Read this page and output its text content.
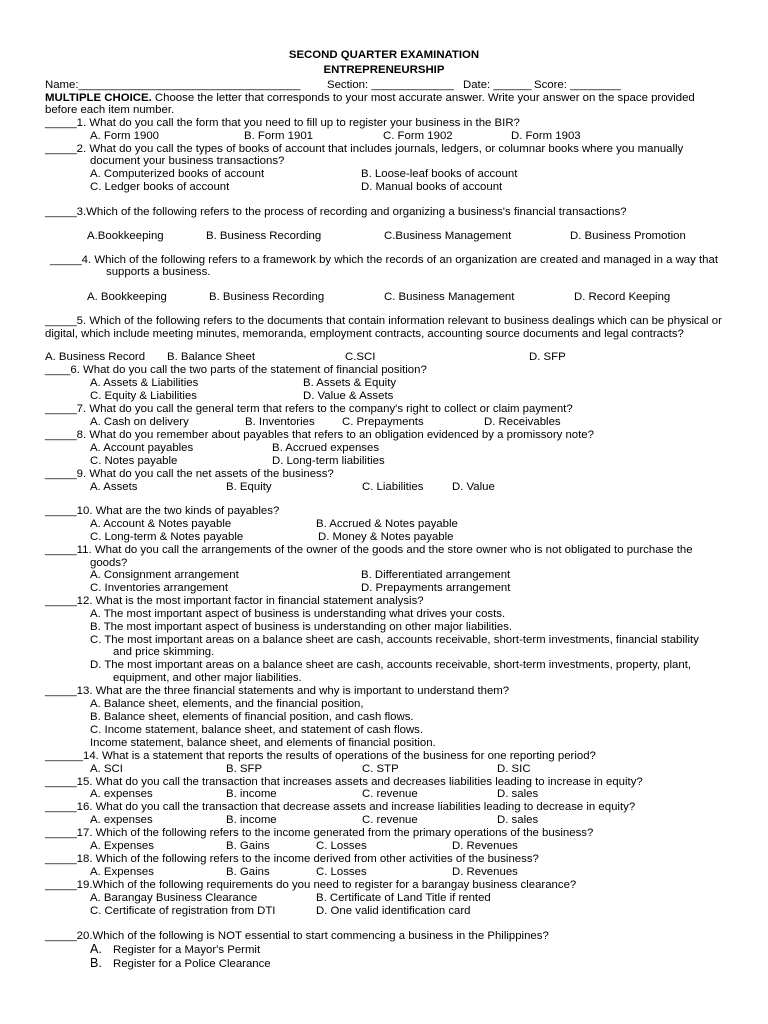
SECOND QUARTER EXAMINATION
ENTREPRENEURSHIP
Name:___________________________________ Section: _____________ Date: ______ Score: ________
MULTIPLE CHOICE. Choose the letter that corresponds to your most accurate answer. Write your answer on the space provided
before each item number.
_____1. What do you call the form that you need to fill up to register your business in the BIR?
A. Form 1900	B. Form 1901	C. Form 1902	D. Form 1903
_____2. What do you call the types of books of account that includes journals, ledgers, or columnar books where you manually
document your business transactions?
A. Computerized books of account	B. Loose-leaf books of account
C. Ledger books of account	D. Manual books of account
_____3.Which of the following refers to the process of recording and organizing a business's financial transactions?
A.Bookkeeping	B. Business Recording	C.Business Management	D. Business Promotion
_____4. Which of the following refers to a framework by which the records of an organization are created and managed in a way that
supports a business.
A. Bookkeeping	B. Business Recording	C. Business Management	D. Record Keeping
_____5. Which of the following refers to the documents that contain information relevant to business dealings which can be physical or
digital, which include meeting minutes, memoranda, employment contracts, accounting source documents and legal contracts?
A. Business Record B. Balance Sheet	C.SCI	D. SFP
____6. What do you call the two parts of the statement of financial position?
A. Assets & Liabilities	B. Assets & Equity
C. Equity & Liabilities	D. Value & Assets
_____7. What do you call the general term that refers to the company's right to collect or claim payment?
A. Cash on delivery	B. Inventories C. Prepayments	D. Receivables
_____8. What do you remember about payables that refers to an obligation evidenced by a promissory note?
A. Account payables	B. Accrued expenses
C. Notes payable	D. Long-term liabilities
_____9. What do you call the net assets of the business?
A. Assets	B. Equity	C. Liabilities	D. Value
_____10. What are the two kinds of payables?
A. Account & Notes payable	B. Accrued & Notes payable
C. Long-term & Notes payable	D. Money & Notes payable
_____11. What do you call the arrangements of the owner of the goods and the store owner who is not obligated to purchase the
goods?
A. Consignment arrangement	B. Differentiated arrangement
C. Inventories arrangement	D. Prepayments arrangement
_____12. What is the most important factor in financial statement analysis?
A. The most important aspect of business is understanding what drives your costs.
B. The most important aspect of business is understanding on other major liabilities.
C. The most important areas on a balance sheet are cash, accounts receivable, short-term investments, financial stability
and price skimming.
D. The most important areas on a balance sheet are cash, accounts receivable, short-term investments, property, plant,
equipment, and other major liabilities.
_____13. What are the three financial statements and why is important to understand them?
A. Balance sheet, elements, and the financial position,
B. Balance sheet, elements of financial position, and cash flows.
C. Income statement, balance sheet, and statement of cash flows.
Income statement, balance sheet, and elements of financial position.
______14. What is a statement that reports the results of operations of the business for one reporting period?
A. SCI	B. SFP	C. STP	D. SIC
_____15. What do you call the transaction that increases assets and decreases liabilities leading to increase in equity?
A. expenses	B. income	C. revenue	D. sales
_____16. What do you call the transaction that decrease assets and increase liabilities leading to decrease in equity?
A. expenses	B. income	C. revenue	D. sales
_____17. Which of the following refers to the income generated from the primary operations of the business?
A. Expenses	B. Gains	C. Losses	D. Revenues
_____18. Which of the following refers to the income derived from other activities of the business?
A. Expenses	B. Gains	C. Losses	D. Revenues
_____19.Which of the following requirements do you need to register for a barangay business clearance?
A. Barangay Business Clearance	B. Certificate of Land Title if rented
C. Certificate of registration from DTI	D. One valid identification card
_____20.Which of the following is NOT essential to start commencing a business in the Philippines?
A. Register for a Mayor's Permit
B. Register for a Police Clearance
